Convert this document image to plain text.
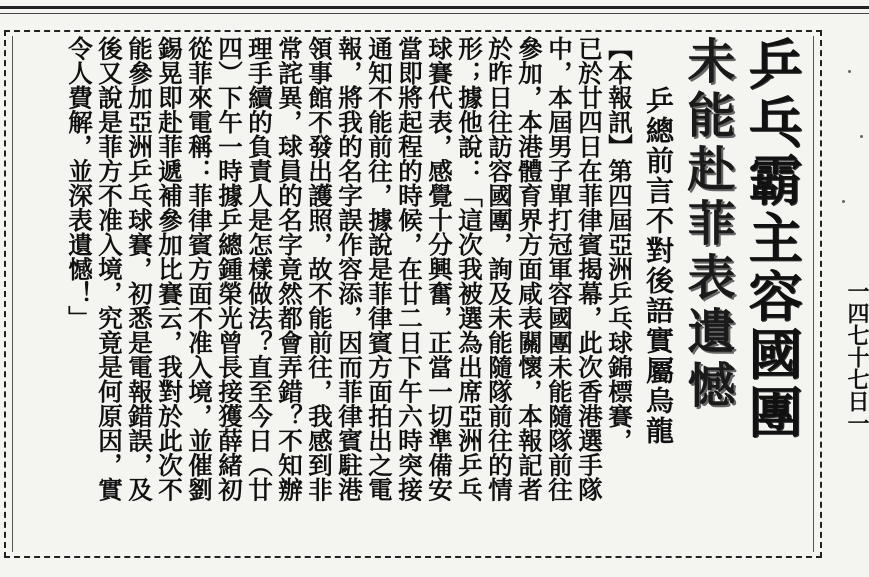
乒乓霸主容國團
未能赴菲表遺憾
乒總前言不對後語實屬烏龍
【本報訊】第四屆亞洲乒乓球錦標賽，
已於廿四日在菲律賓揭幕，此次香港選手隊
中，本屆男子單打冠軍容國團未能隨隊前往
參加，本港體育界方面咸表關懷，本報記者
於昨日往訪容國團，詢及未能隨隊前往的情
形；據他說：「這次我被選為出席亞洲乒乓
球賽代表，感覺十分興奮，正當一切準備安
當即將起程的時候，在廿二日下午六時突接
通知不能前往，據說是菲律賓方面拍出之電
報，將我的名字誤作容添，因而菲律賓駐港
領事館不發出護照，故不能前往，我感到非
常詫異，球員的名字竟然都會弄錯？不知辦
理手續的負責人是怎樣做法？直至今日（廿
四）下午一時據乒總鍾榮光曾長接獲薛緒初
從菲來電稱：菲律賓方面不准入境，並催劉
錫晃即赴菲遞補參加比賽云，我對於此次不
能參加亞洲乒乓球賽，初悉是電報錯誤，及
後又說是菲方不准入境，究竟是何原因，實
令人費解，並深表遺憾！」
一四七十七日一
